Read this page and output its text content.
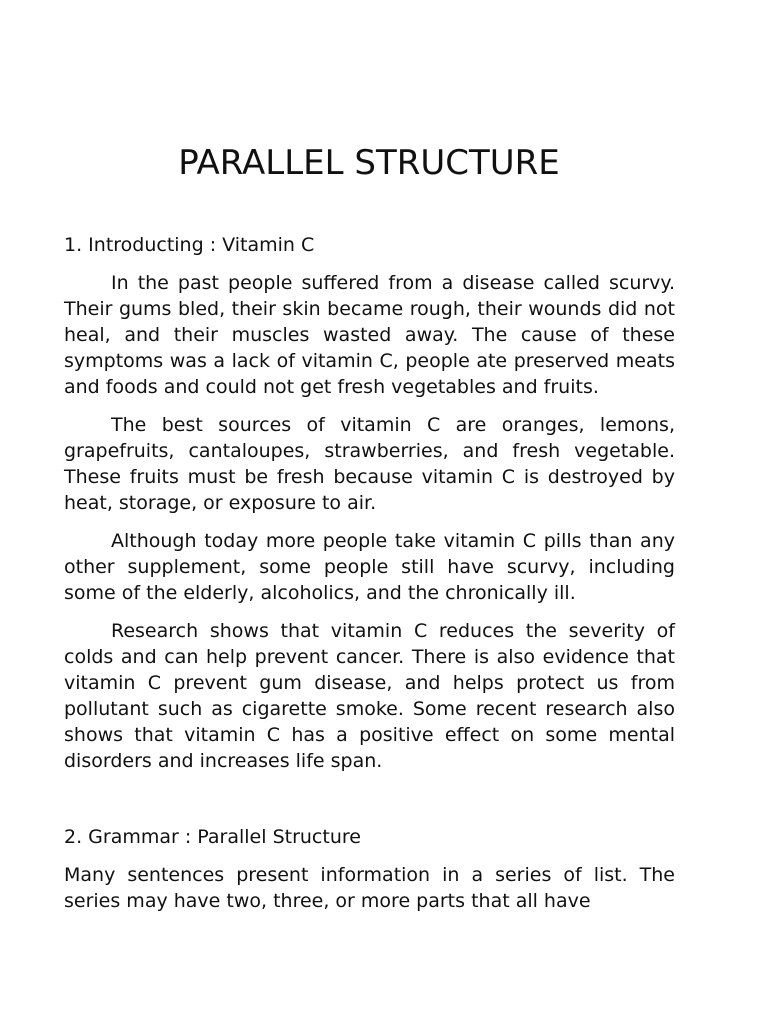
PARALLEL STRUCTURE
1. Introducting : Vitamin C

In the past people suffered from a disease called scurvy. Their gums bled, their skin became rough, their wounds did not heal, and their muscles wasted away. The cause of these symptoms was a lack of vitamin C, people ate preserved meats and foods and could not get fresh vegetables and fruits.

The best sources of vitamin C are oranges, lemons, grapefruits, cantaloupes, strawberries, and fresh vegetable. These fruits must be fresh because vitamin C is destroyed by heat, storage, or exposure to air.

Although today more people take vitamin C pills than any other supplement, some people still have scurvy, including some of the elderly, alcoholics, and the chronically ill.

Research shows that vitamin C reduces the severity of colds and can help prevent cancer. There is also evidence that vitamin C prevent gum disease, and helps protect us from pollutant such as cigarette smoke. Some recent research also shows that vitamin C has a positive effect on some mental disorders and increases life span.

2. Grammar : Parallel Structure

Many sentences present information in a series of list. The series may have two, three, or more parts that all have
